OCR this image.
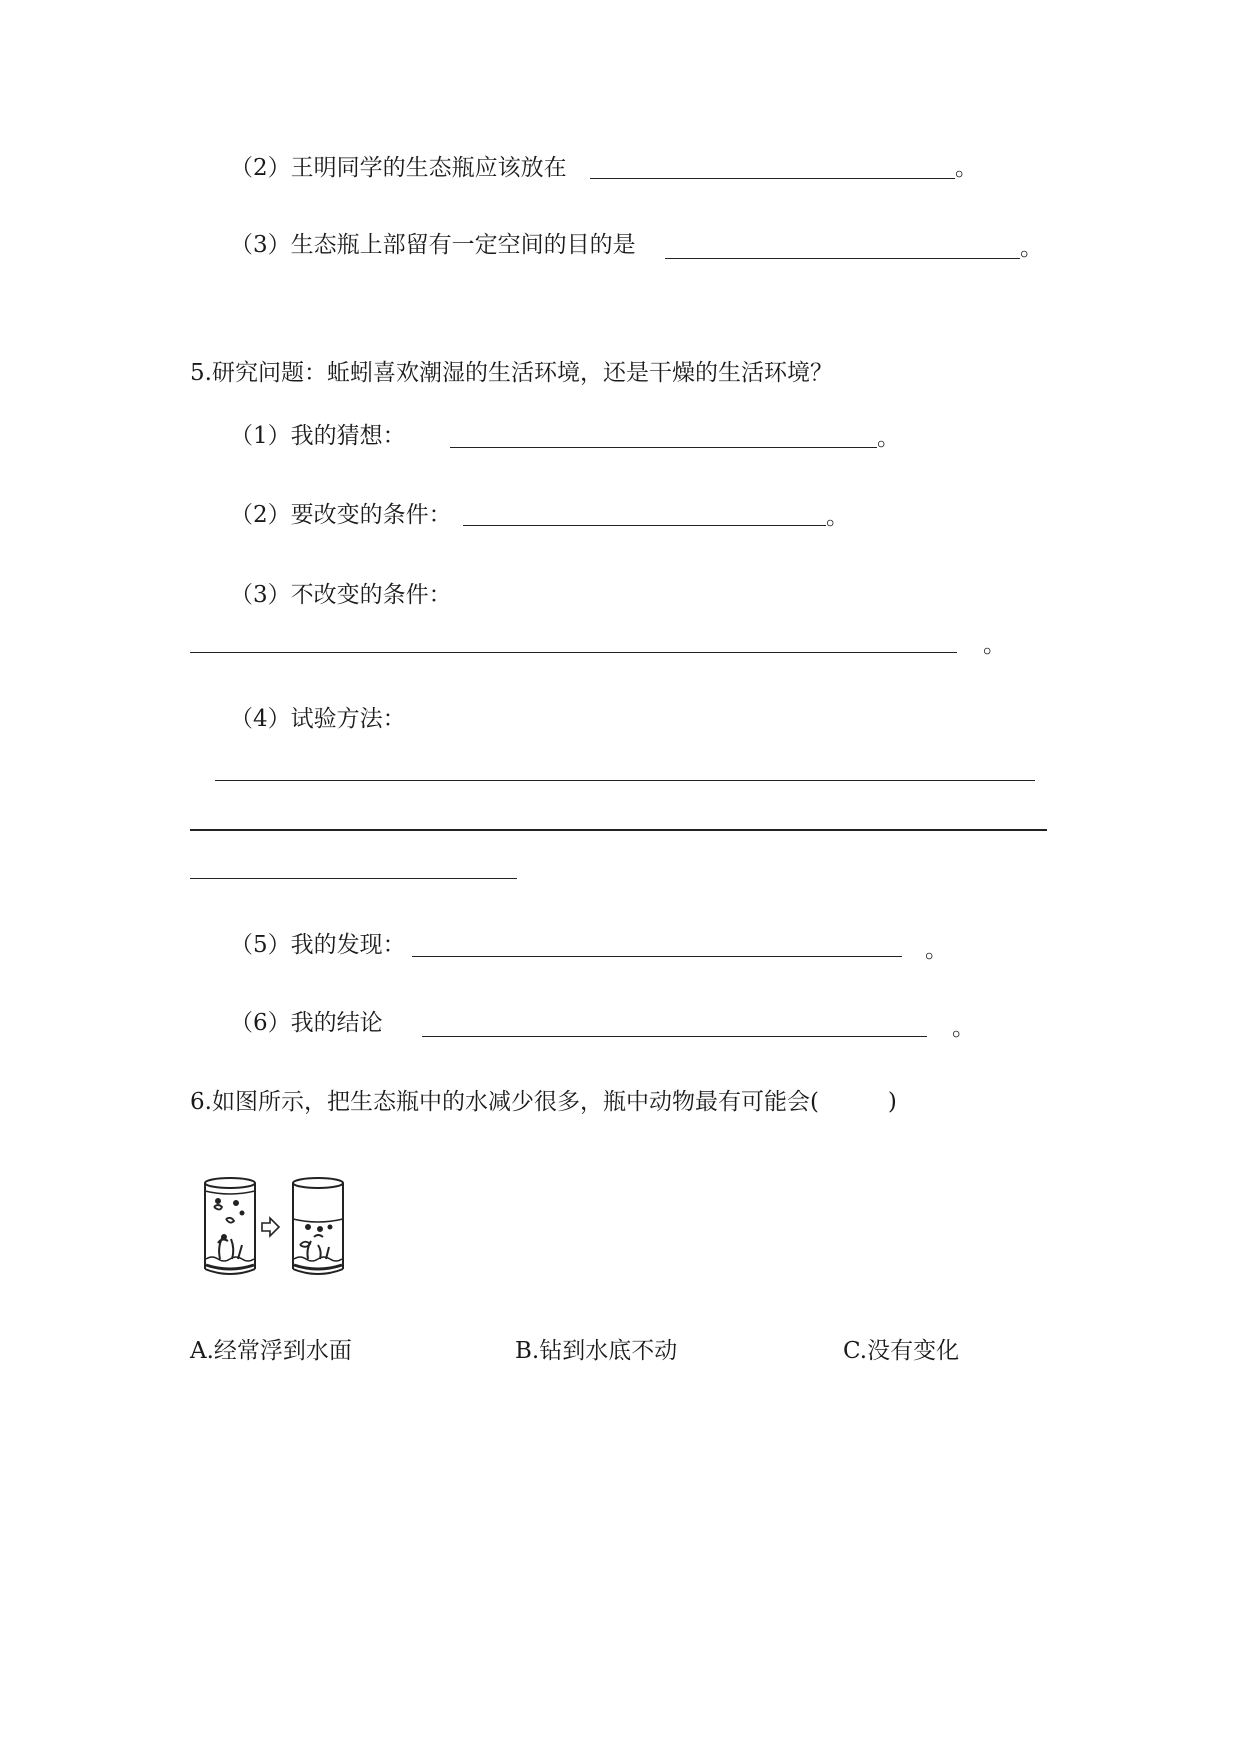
（2）王明同学的生态瓶应该放在	。
（3）生态瓶上部留有一定空间的目的是	。
5.研究问题：蚯蚓喜欢潮湿的生活环境，还是干燥的生活环境？
（1）我的猜想：	。
（2）要改变的条件：	。
（3）不改变的条件：
。
（4）试验方法：
（5）我的发现：	。
（6）我的结论	。
6.如图所示，把生态瓶中的水减少很多，瓶中动物最有可能会(　　　)
A.经常浮到水面	B.钻到水底不动	C.没有变化
